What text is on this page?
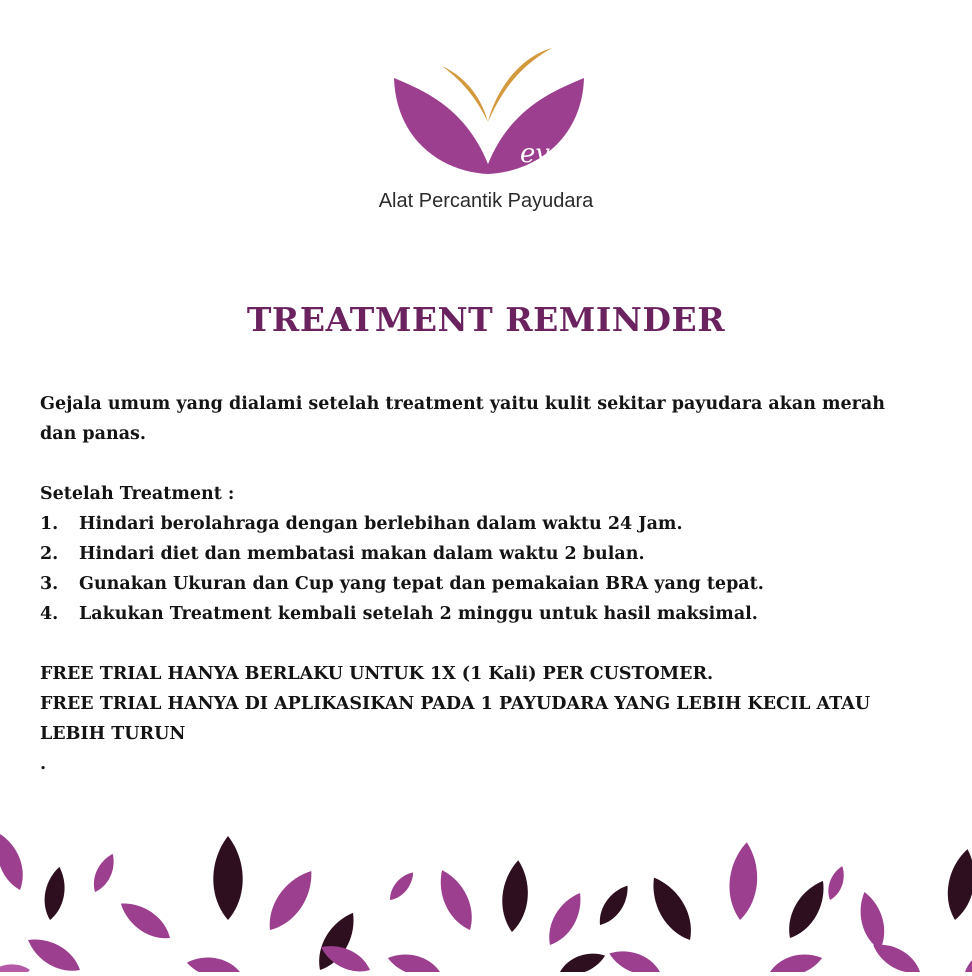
eva
Alat Percantik Payudara
TREATMENT REMINDER

Gejala umum yang dialami setelah treatment yaitu kulit sekitar payudara akan merah dan panas.

Setelah Treatment :

1.	Hindari berolahraga dengan berlebihan dalam waktu 24 Jam.
2.	Hindari diet dan membatasi makan dalam waktu 2 bulan.
3.	Gunakan Ukuran dan Cup yang tepat dan pemakaian BRA yang tepat.
4.	Lakukan Treatment kembali setelah 2 minggu untuk hasil maksimal.

FREE TRIAL HANYA BERLAKU UNTUK 1X (1 Kali) PER CUSTOMER.

FREE TRIAL HANYA DI APLIKASIKAN PADA 1 PAYUDARA YANG LEBIH KECIL ATAU LEBIH TURUN

.
